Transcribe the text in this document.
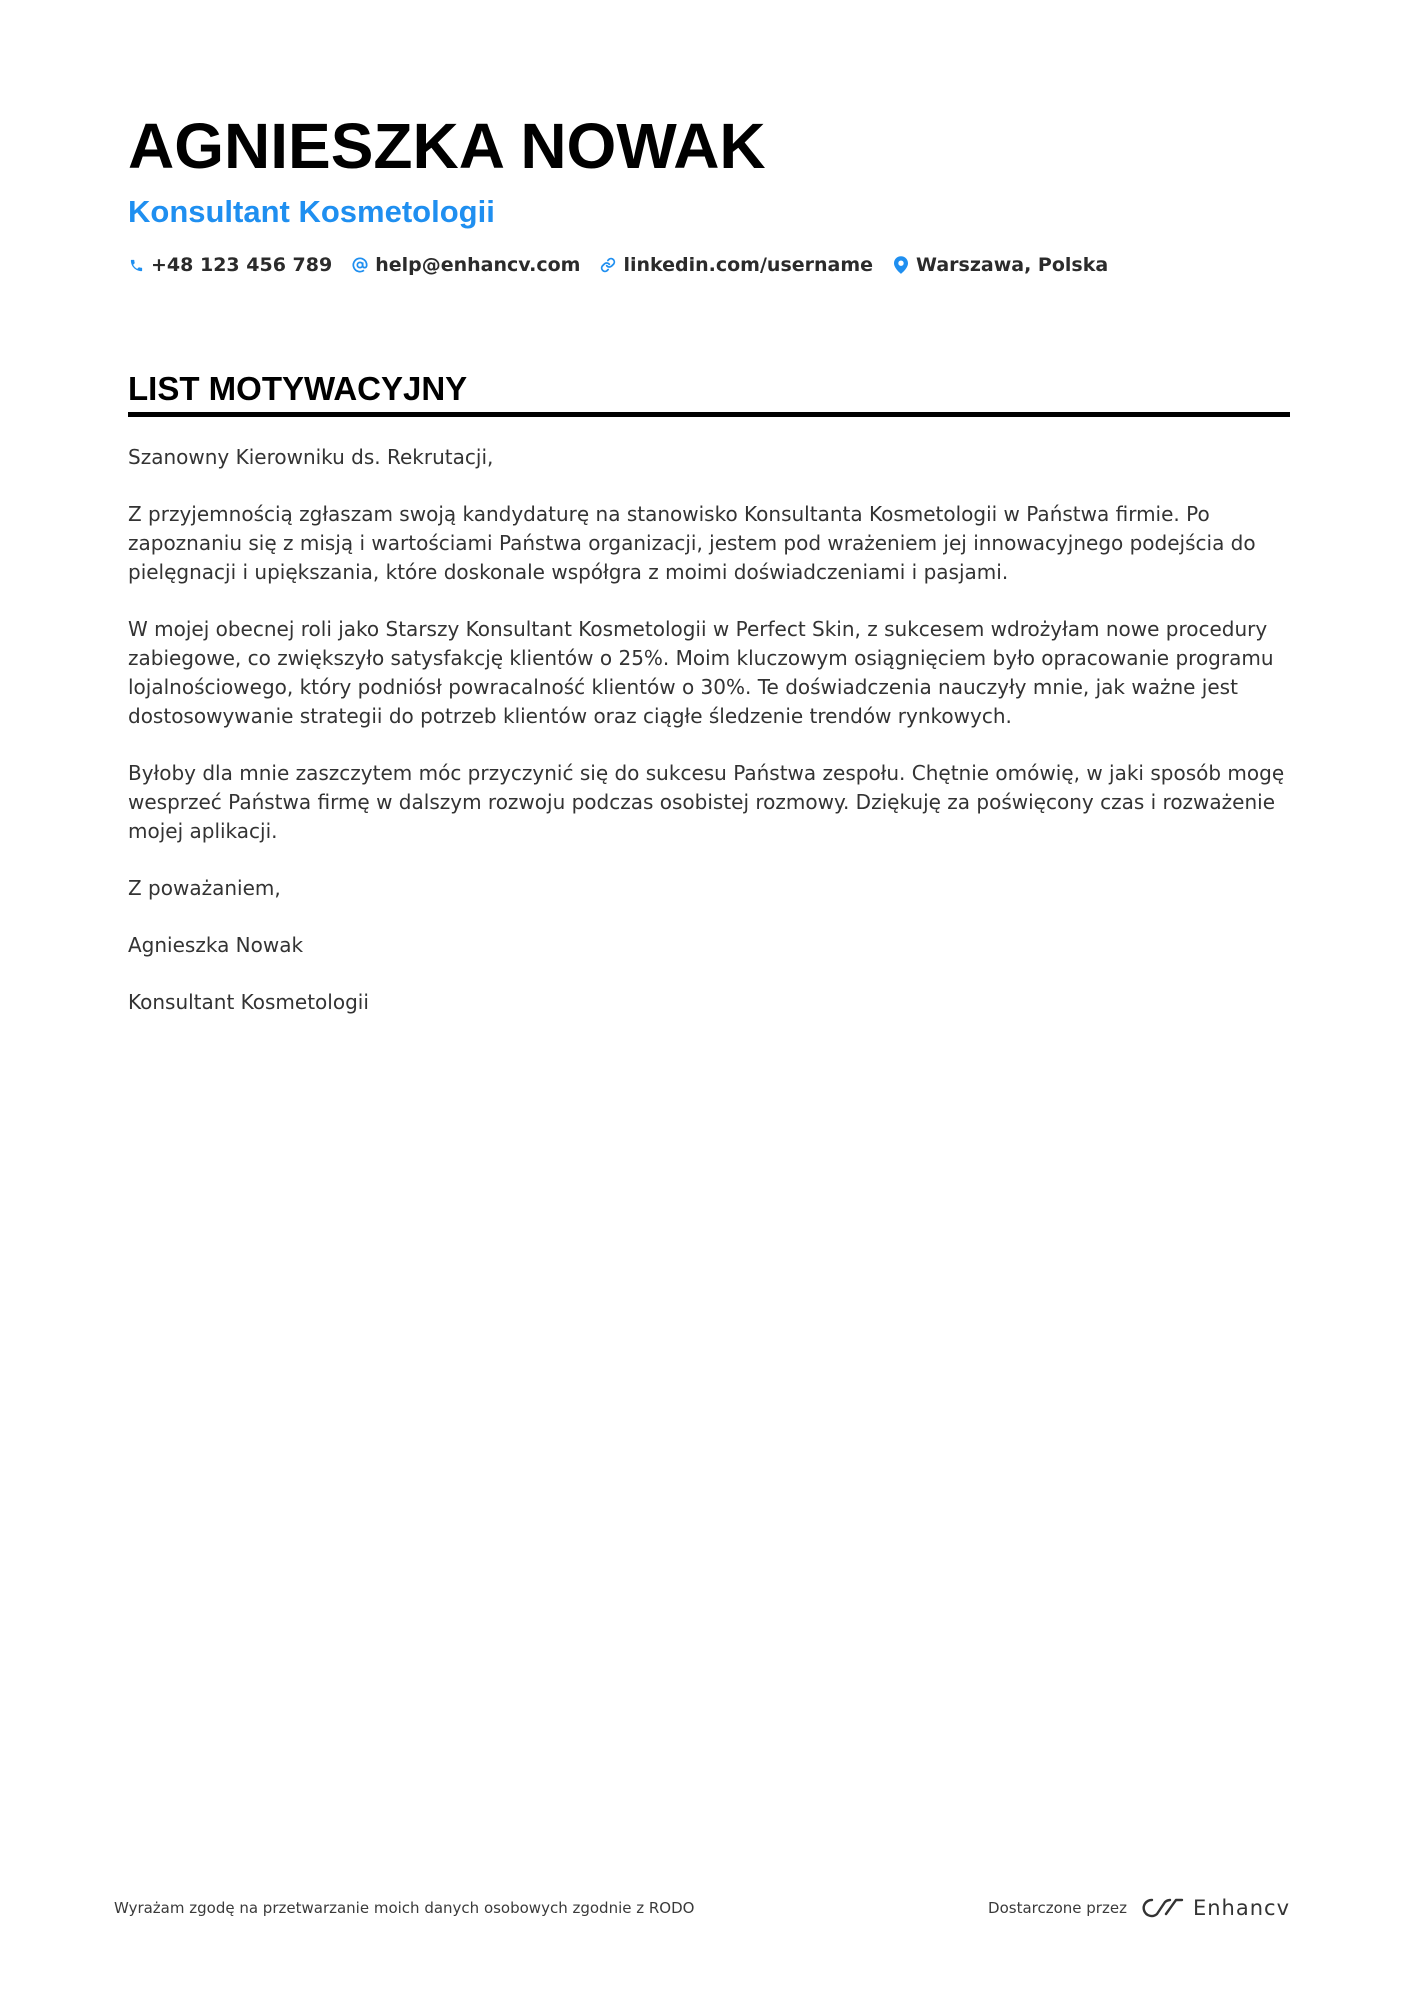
AGNIESZKA NOWAK
Konsultant Kosmetologii
+48 123 456 789 help@enhancv.com linkedin.com/username Warszawa, Polska
LIST MOTYWACYJNY

Szanowny Kierowniku ds. Rekrutacji,

Z przyjemnością zgłaszam swoją kandydaturę na stanowisko Konsultanta Kosmetologii w Państwa firmie. Po zapoznaniu się z misją i wartościami Państwa organizacji, jestem pod wrażeniem jej innowacyjnego podejścia do pielęgnacji i upiększania, które doskonale współgra z moimi doświadczeniami i pasjami.

W mojej obecnej roli jako Starszy Konsultant Kosmetologii w Perfect Skin, z sukcesem wdrożyłam nowe procedury zabiegowe, co zwiększyło satysfakcję klientów o 25%. Moim kluczowym osiągnięciem było opracowanie programu lojalnościowego, który podniósł powracalność klientów o 30%. Te doświadczenia nauczyły mnie, jak ważne jest dostosowywanie strategii do potrzeb klientów oraz ciągłe śledzenie trendów rynkowych.

Byłoby dla mnie zaszczytem móc przyczynić się do sukcesu Państwa zespołu. Chętnie omówię, w jaki sposób mogę wesprzeć Państwa firmę w dalszym rozwoju podczas osobistej rozmowy. Dziękuję za poświęcony czas i rozważenie mojej aplikacji.

Z poważaniem,

Agnieszka Nowak

Konsultant Kosmetologii

Wyrażam zgodę na przetwarzanie moich danych osobowych zgodnie z RODO	Dostarczone przez	Enhancv
